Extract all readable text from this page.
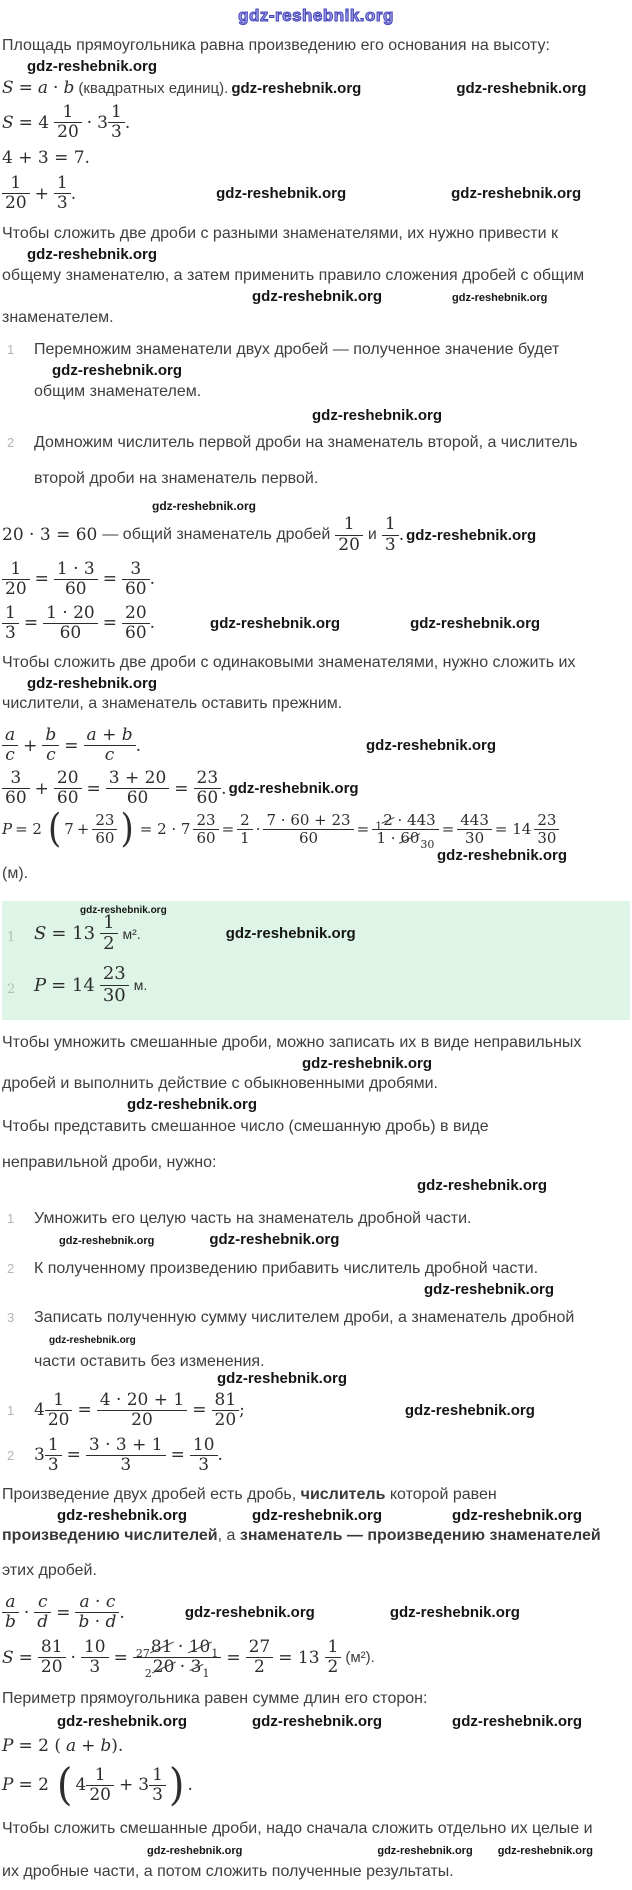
gdz-reshebnik.org

Площадь прямоугольника равна произведению его основания на высоту:

gdz-reshebnik.org
S = a · b (квадратных единиц). gdz-reshebnik.org	gdz-reshebnik.org
$S = 4 \frac{1}{20} \cdot 3 \frac{1}{3}$ .
4 + 3 = 7.
$\frac{1}{20} + \frac{1}{3}$ .	gdz-reshebnik.org	gdz-reshebnik.org

Чтобы сложить две дроби с разными знаменателями, их нужно привести к

gdz-reshebnik.org

общему знаменателю, а затем применить правило сложения дробей с общим

gdz-reshebnik.org	gdz-reshebnik.org

знаменателем.

1	Перемножим знаменатели двух дробей — полученное значение будет

gdz-reshebnik.org

общим знаменателем.

gdz-reshebnik.org
2	Домножим числитель первой дроби на знаменатель второй, а числитель

второй дроби на знаменатель первой.

gdz-reshebnik.org
20 · 3 = 60 — общий знаменатель дробей $\frac{1}{20}$ и $\frac{1}{3}$ . gdz-reshebnik.org
$\frac{1}{20} = \frac{1 \cdot 3}{60} = \frac{3}{60}$ .
$\frac{1}{3} = \frac{1 \cdot 20}{60} = \frac{20}{60}$ .	gdz-reshebnik.org	gdz-reshebnik.org

Чтобы сложить две дроби с одинаковыми знаменателями, нужно сложить их

gdz-reshebnik.org

числители, а знаменатель оставить прежним.

$\frac{a}{c} + \frac{b}{c} = \frac{a + b}{c}$ .	gdz-reshebnik.org
$\frac{3}{60} + \frac{20}{60} = \frac{3 + 20}{60} = \frac{23}{60}$ . gdz-reshebnik.org
P = 2 ( $7 + \frac{23}{60}$ ) = $2 \cdot 7 \frac{23}{60} = \frac{2}{1} \cdot \frac{7 \cdot 60 + 23}{60} = \frac{_12 \cdot 443}{1 \cdot 60_{30}} = \frac{443}{30} = 14 \frac{23}{30}$
gdz-reshebnik.org
(м).
gdz-reshebnik.org
1	$S = 13 \frac{1}{2} м^2$.	gdz-reshebnik.org
2	$P = 14 \frac{23}{30} м$.

Чтобы умножить смешанные дроби, можно записать их в виде неправильных

gdz-reshebnik.org

дробей и выполнить действие с обыкновенными дробями.

gdz-reshebnik.org

Чтобы представить смешанное число (смешанную дробь) в виде

неправильной дроби, нужно:

gdz-reshebnik.org
1	Умножить его целую часть на знаменатель дробной части.

gdz-reshebnik.org	gdz-reshebnik.org
2	К полученному произведению прибавить числитель дробной части.

gdz-reshebnik.org
3	Записать полученную сумму числителем дроби, а знаменатель дробной

gdz-reshebnik.org

части оставить без изменения.

gdz-reshebnik.org
1	$4 \frac{1}{20} = \frac{4 \cdot 20 + 1}{20} = \frac{81}{20}$ ;	gdz-reshebnik.org
2	$3 \frac{1}{3} = \frac{3 \cdot 3 + 1}{3} = \frac{10}{3}$ .

Произведение двух дробей есть дробь, числитель которой равен

gdz-reshebnik.org	gdz-reshebnik.org	gdz-reshebnik.org

произведению числителей, а знаменатель — произведению знаменателей

этих дробей.

$\frac{a}{b} \cdot \frac{c}{d} = \frac{a \cdot c}{b \cdot d}$ .	gdz-reshebnik.org	gdz-reshebnik.org
$S = \frac{81}{20} \cdot \frac{10}{3} = \frac{_{27}81 \cdot 10_1}{_220 \cdot 3_1} = \frac{27}{2} = 13 \frac{1}{2} (м^2)$.

Периметр прямоугольника равен сумме длин его сторон:

gdz-reshebnik.org	gdz-reshebnik.org	gdz-reshebnik.org
P = 2 ( a + b ).
P = 2 ( $4 \frac{1}{20} + 3 \frac{1}{3}$ ) .

Чтобы сложить смешанные дроби, надо сначала сложить отдельно их целые и

gdz-reshebnik.org	gdz-reshebnik.org gdz-reshebnik.org

их дробные части, а потом сложить полученные результаты.
